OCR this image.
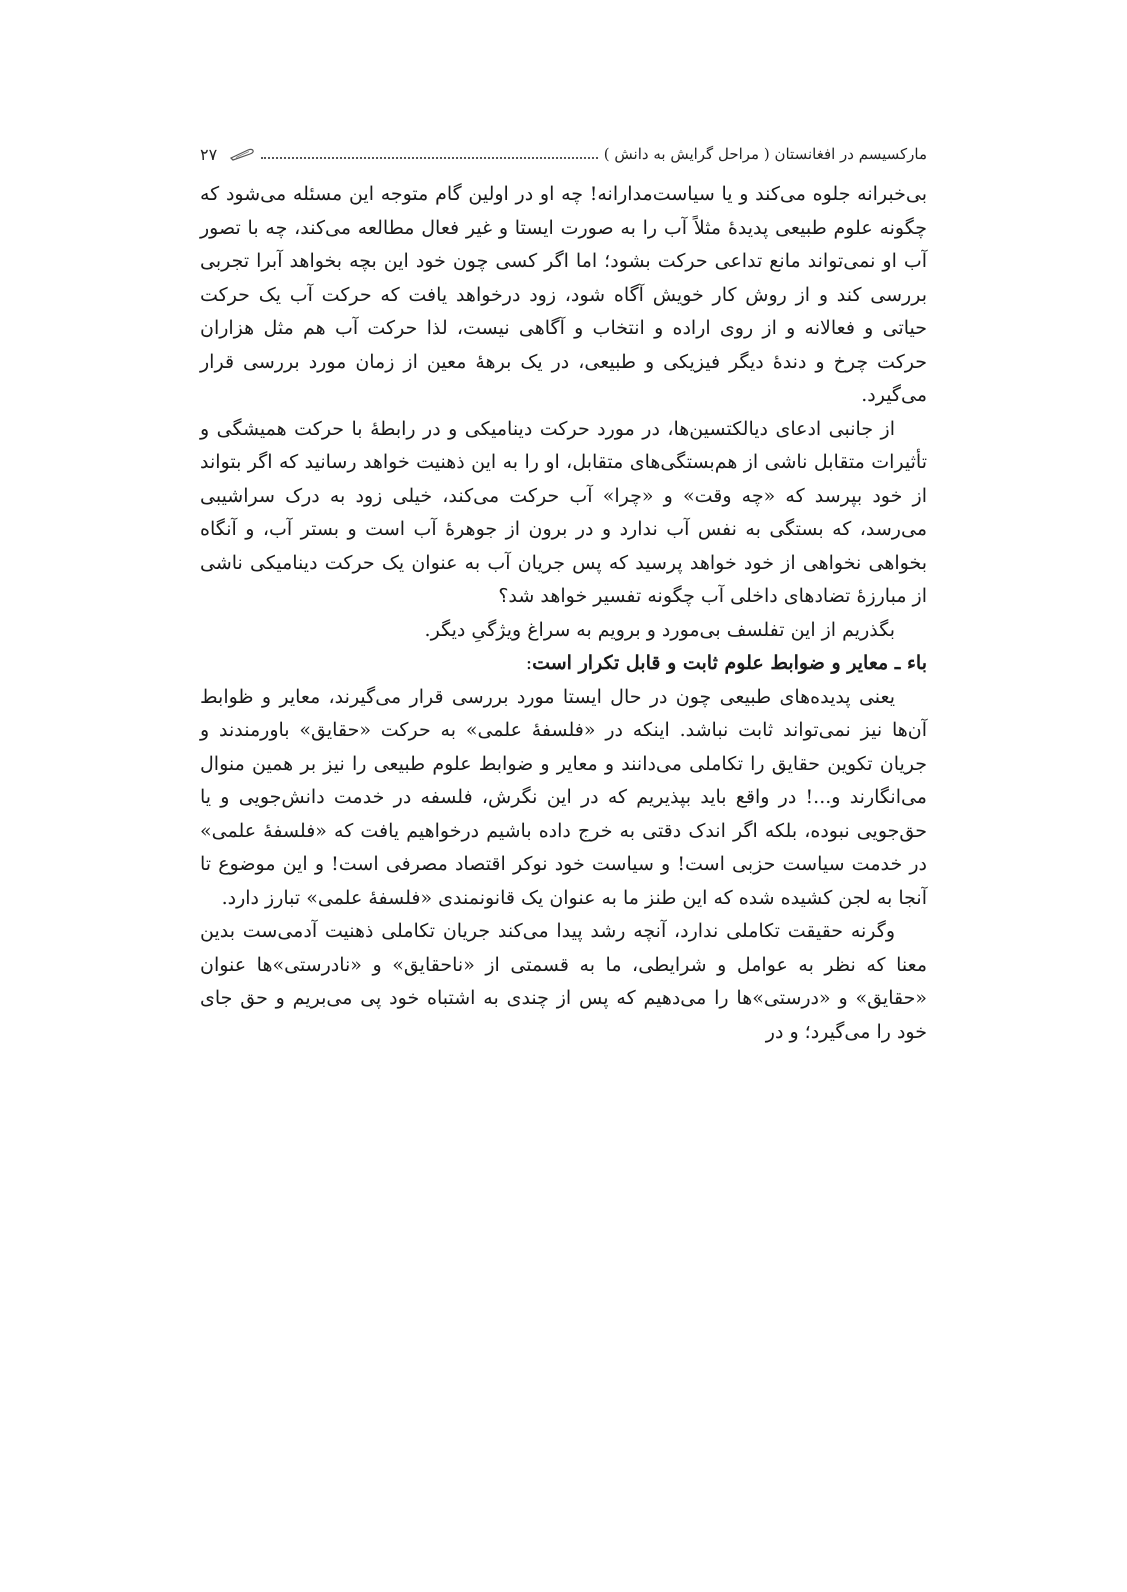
مارکسیسم در افغانستان ( مراحل گرایش به دانش )
۲۷

بی‌خبرانه جلوه می‌کند و یا سیاست‌مدارانه! چه او در اولین گام متوجه این مسئله می‌شود که چگونه علوم طبیعی پدیدهٔ مثلاً آب را به صورت ایستا و غیر فعال مطالعه می‌کند، چه با تصور آب او نمی‌تواند مانع تداعی حرکت بشود؛ اما اگر کسی چون خود این بچه بخواهد آبرا تجربی بررسی کند و از روش کار خویش آگاه شود، زود درخواهد یافت که حرکت آب یک حرکت حیاتی و فعالانه و از روی اراده و انتخاب و آگاهی نیست، لذا حرکت آب هم مثل هزاران حرکت چرخ و دندهٔ دیگر فیزیکی و طبیعی، در یک برههٔ معین از زمان مورد بررسی قرار می‌گیرد.

از جانبی ادعای دیالکتسین‌ها، در مورد حرکت دینامیکی و در رابطهٔ با حرکت همیشگی و تأثیرات متقابل ناشی از هم‌بستگی‌های متقابل، او را به این ذهنیت خواهد رسانید که اگر بتواند از خود بپرسد که «چه وقت» و «چرا» آب حرکت می‌کند، خیلی زود به درک سراشیبی می‌رسد، که بستگی به نفس آب ندارد و در برون از جوهرهٔ آب است و بستر آب، و آنگاه بخواهی نخواهی از خود خواهد پرسید که پس جریان آب به عنوان یک حرکت دینامیکی ناشی از مبارزهٔ تضادهای داخلی آب چگونه تفسیر خواهد شد؟

بگذریم از این تفلسف بی‌مورد و برویم به سراغ ویژگیِ دیگر.

باء ـ معایر و ضوابط علوم ثابت و قابل تکرار است:

یعنی پدیده‌های طبیعی چون در حال ایستا مورد بررسی قرار می‌گیرند، معایر و ظوابط آن‌ها نیز نمی‌تواند ثابت نباشد. اینکه در «فلسفهٔ علمی» به حرکت «حقایق» باورمندند و جریان تکوین حقایق را تکاملی می‌دانند و معایر و ضوابط علوم طبیعی را نیز بر همین منوال می‌انگارند و...! در واقع باید بپذیریم که در این نگرش، فلسفه در خدمت دانش‌جویی و یا حق‌جویی نبوده، بلکه اگر اندک دقتی به خرج داده باشیم درخواهیم یافت که «فلسفهٔ علمی» در خدمت سیاست حزبی است! و سیاست خود نوکر اقتصاد مصرفی است! و این موضوع تا آنجا به لجن کشیده شده که این طنز ما به عنوان یک قانونمندی «فلسفهٔ علمی» تبارز دارد.

وگرنه حقیقت تکاملی ندارد، آنچه رشد پیدا می‌کند جریان تکاملی ذهنیت آدمی‌ست بدین معنا که نظر به عوامل و شرایطی، ما به قسمتی از «ناحقایق» و «نادرستی»ها عنوان «حقایق» و «درستی»ها را می‌دهیم که پس از چندی به اشتباه خود پی می‌بریم و حق جای خود را می‌گیرد؛ و در
